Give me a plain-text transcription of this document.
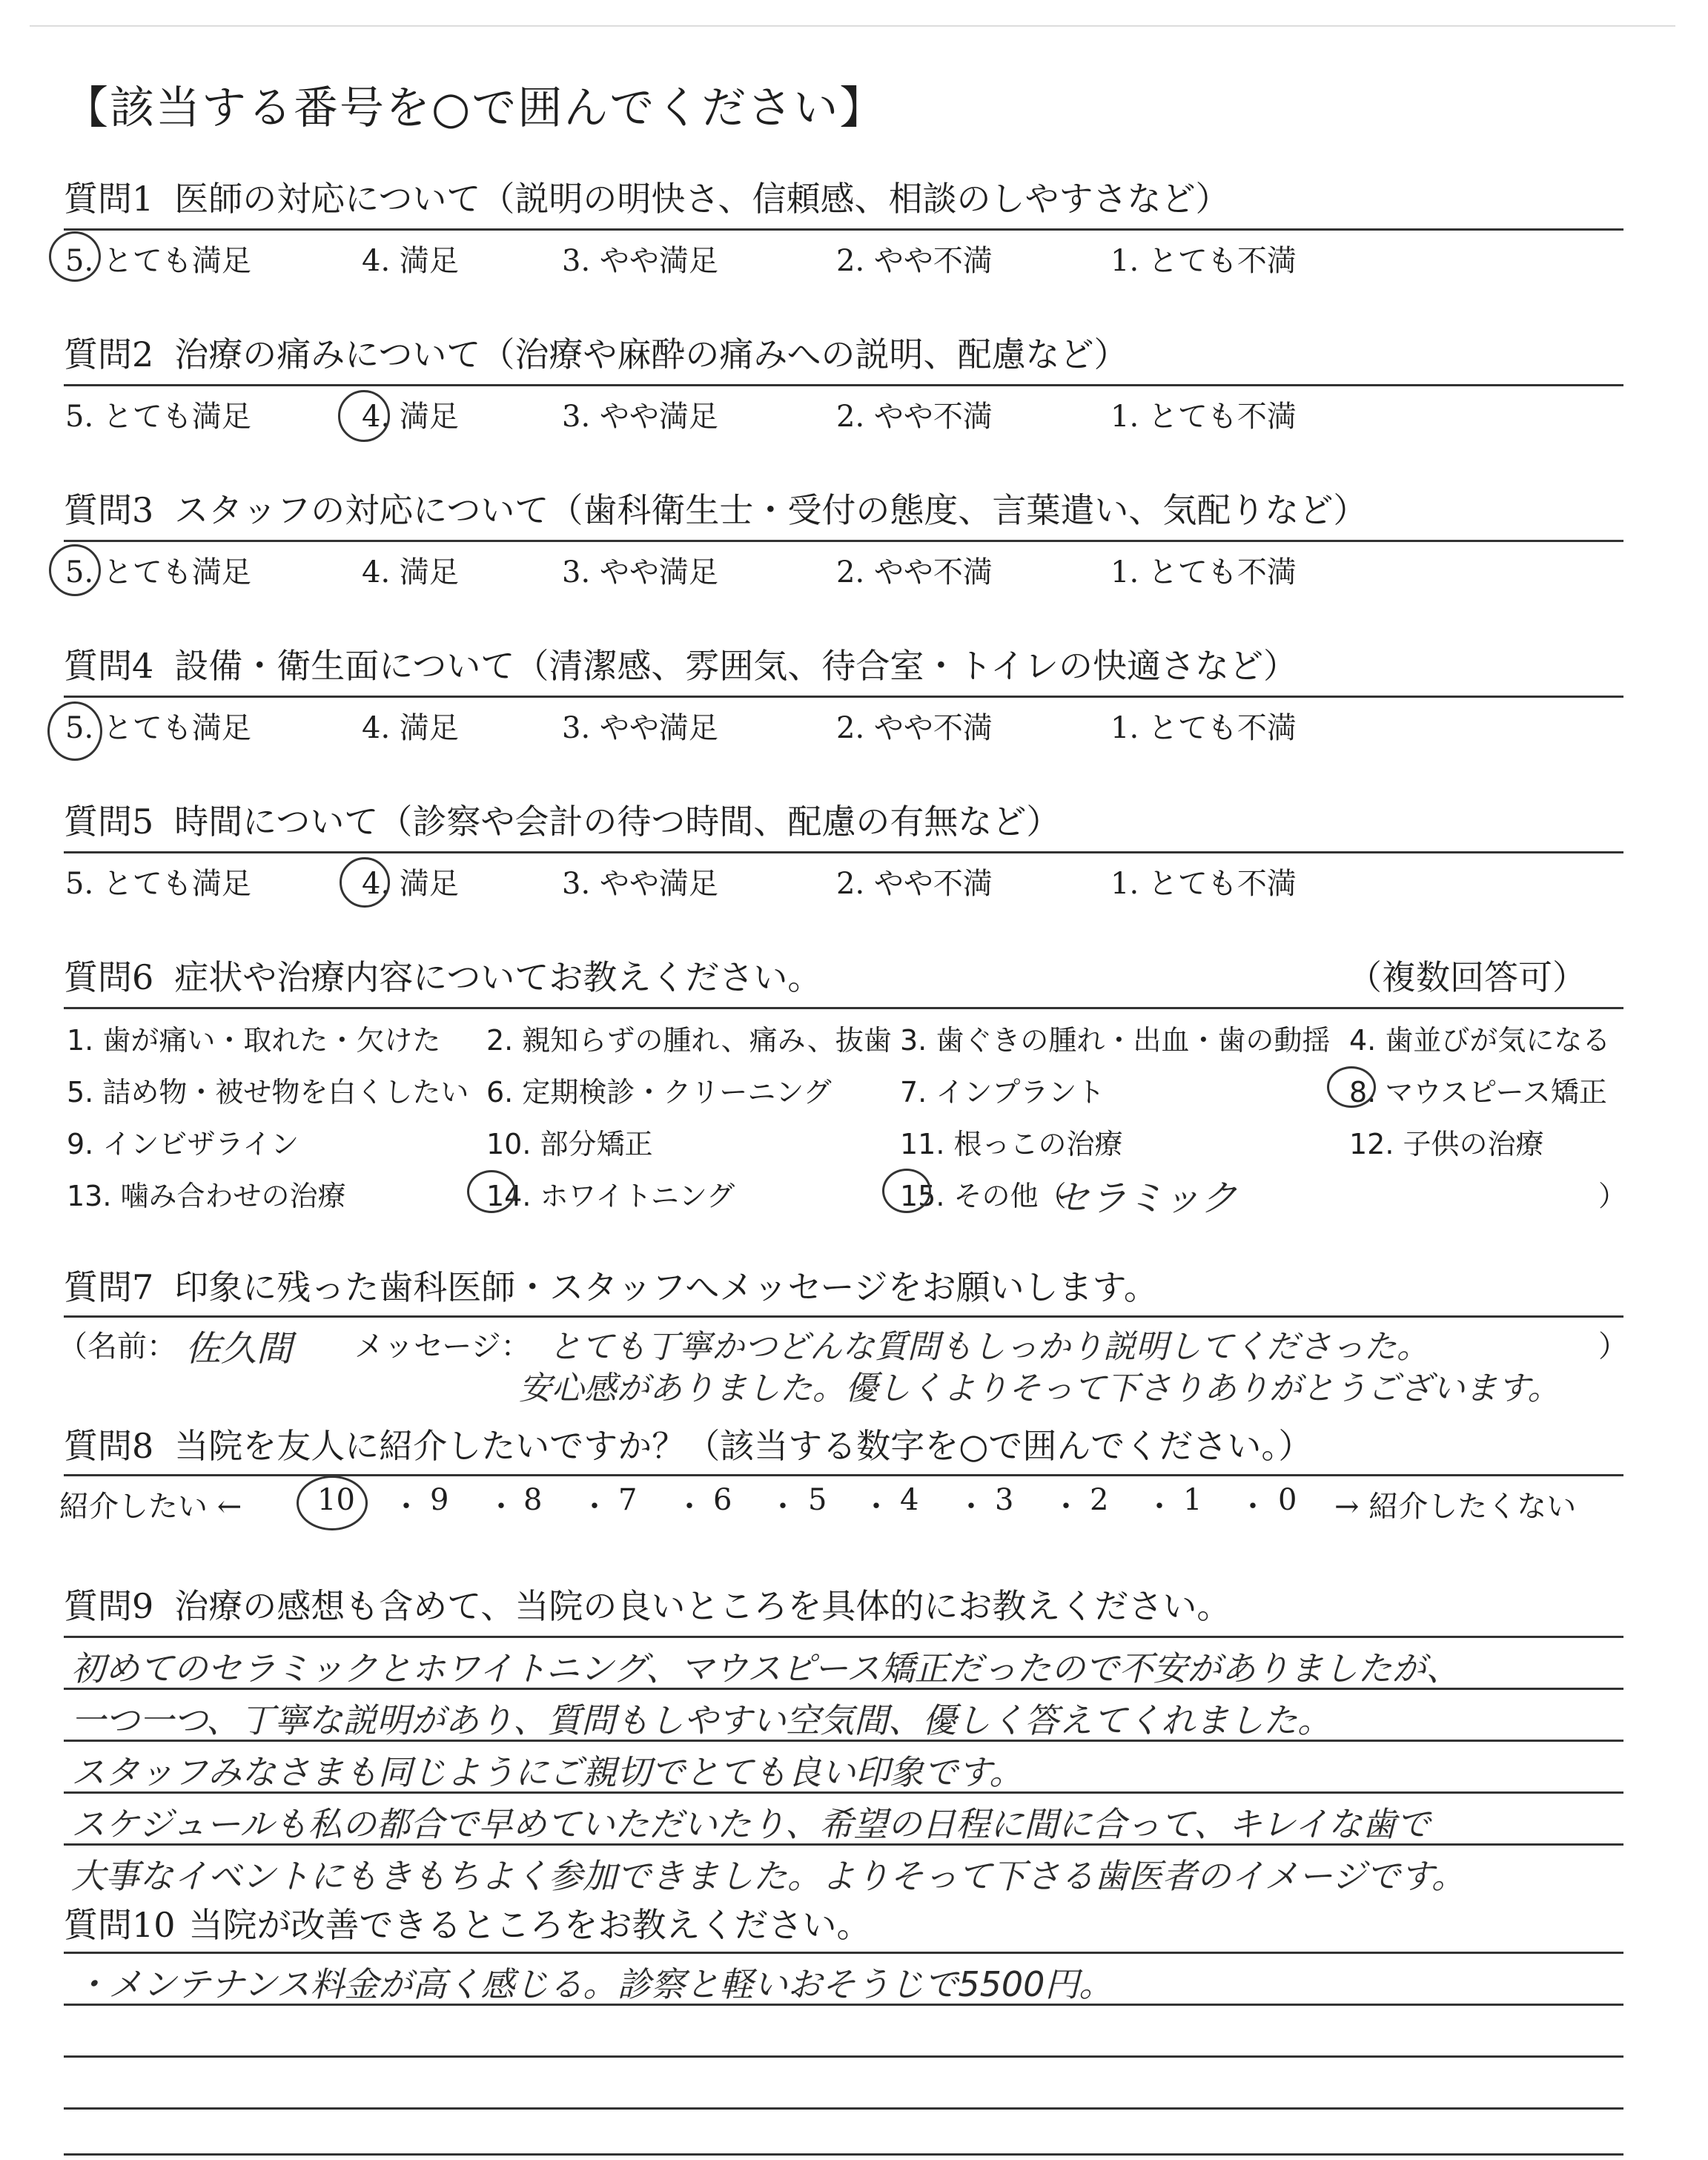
【該当する番号を○で囲んでください】
質問1 医師の対応について（説明の明快さ、信頼感、相談のしやすさなど）
5. とても満足	4. 満足	3. やや満足	2. やや不満	1. とても不満
質問2 治療の痛みについて（治療や麻酔の痛みへの説明、配慮など）
5. とても満足	4. 満足	3. やや満足	2. やや不満	1. とても不満
質問3 スタッフの対応について（歯科衛生士・受付の態度、言葉遣い、気配りなど）
5. とても満足	4. 満足	3. やや満足	2. やや不満	1. とても不満
質問4 設備・衛生面について（清潔感、雰囲気、待合室・トイレの快適さなど）
5. とても満足	4. 満足	3. やや満足	2. やや不満	1. とても不満
質問5 時間について（診察や会計の待つ時間、配慮の有無など）
5. とても満足	4. 満足	3. やや満足	2. やや不満	1. とても不満
質問6 症状や治療内容についてお教えください。	（複数回答可）
1. 歯が痛い・取れた・欠けた 2. 親知らずの腫れ、痛み、抜歯 3. 歯ぐきの腫れ・出血・歯の動揺 4. 歯並びが気になる
5. 詰め物・被せ物を白くしたい 6. 定期検診・クリーニング 7. インプラント	8. マウスピース矯正
9. インビザライン	10. 部分矯正	11. 根っこの治療	12. 子供の治療
13. 噛み合わせの治療	14. ホワイトニング	15. その他（
セラミック	）
質問7 印象に残った歯科医師・スタッフへメッセージをお願いします。
（名前： 佐久間 メッセージ： とても丁寧かつどんな質問もしっかり説明してくださった。	）
安心感がありました。優しくよりそって下さりありがとうございます。
質問8 当院を友人に紹介したいですか？（該当する数字を○で囲んでください。）
紹介したい ←	10 ・ 9 ・ 8 ・ 7 ・ 6 ・ 5 ・ 4 ・ 3 ・ 2 ・ 1 ・ 0 → 紹介したくない
質問9 治療の感想も含めて、当院の良いところを具体的にお教えください。
初めてのセラミックとホワイトニング、マウスピース矯正だったので不安がありましたが、
一つ一つ、丁寧な説明があり、質問もしやすい空気間、優しく答えてくれました。
スタッフみなさまも同じようにご親切でとても良い印象です。
スケジュールも私の都合で早めていただいたり、希望の日程に間に合って、キレイな歯で
大事なイベントにもきもちよく参加できました。よりそって下さる歯医者のイメージです。
質問10 当院が改善できるところをお教えください。
・メンテナンス料金が高く感じる。診察と軽いおそうじで5500円。
